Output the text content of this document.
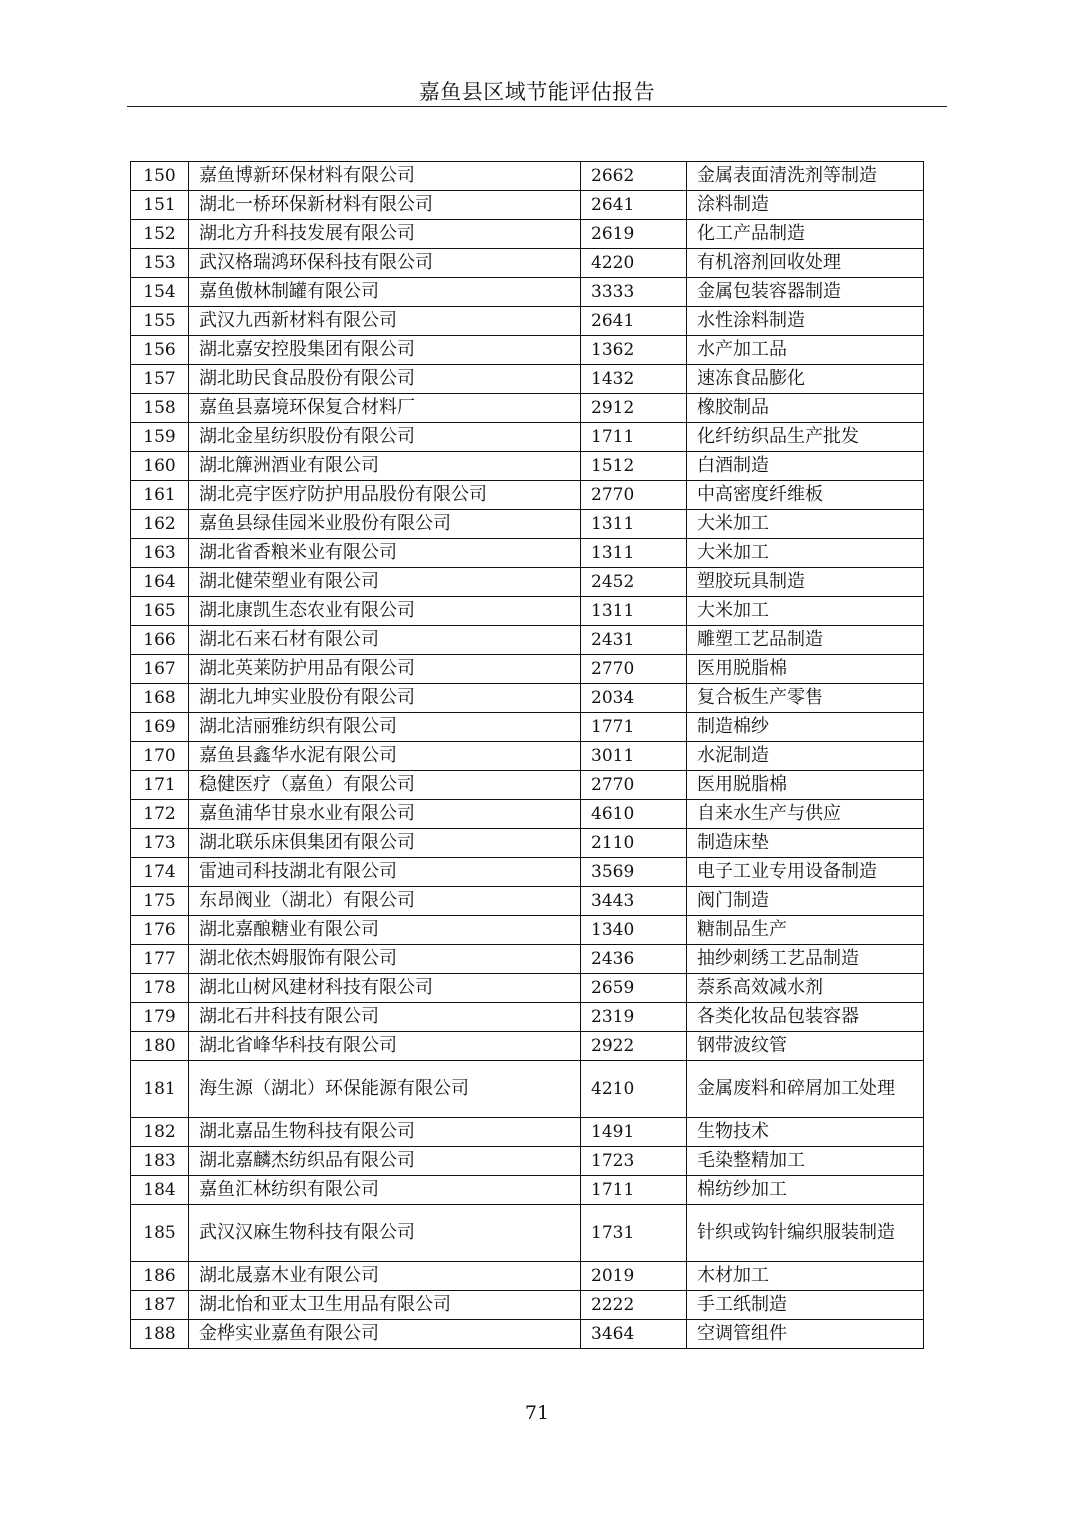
嘉鱼县区域节能评估报告
150	嘉鱼博新环保材料有限公司	2662	金属表面清洗剂等制造
151	湖北一桥环保新材料有限公司	2641	涂料制造
152	湖北方升科技发展有限公司	2619	化工产品制造
153	武汉格瑞鸿环保科技有限公司	4220	有机溶剂回收处理
154	嘉鱼傲林制罐有限公司	3333	金属包装容器制造
155	武汉九西新材料有限公司	2641	水性涂料制造
156	湖北嘉安控股集团有限公司	1362	水产加工品
157	湖北助民食品股份有限公司	1432	速冻食品膨化
158	嘉鱼县嘉境环保复合材料厂	2912	橡胶制品
159	湖北金星纺织股份有限公司	1711	化纤纺织品生产批发
160	湖北簰洲酒业有限公司	1512	白酒制造
161	湖北亮宇医疗防护用品股份有限公司	2770	中高密度纤维板
162	嘉鱼县绿佳园米业股份有限公司	1311	大米加工
163	湖北省香粮米业有限公司	1311	大米加工
164	湖北健荣塑业有限公司	2452	塑胶玩具制造
165	湖北康凯生态农业有限公司	1311	大米加工
166	湖北石来石材有限公司	2431	雕塑工艺品制造
167	湖北英莱防护用品有限公司	2770	医用脱脂棉
168	湖北九坤实业股份有限公司	2034	复合板生产零售
169	湖北洁丽雅纺织有限公司	1771	制造棉纱
170	嘉鱼县鑫华水泥有限公司	3011	水泥制造
171	稳健医疗（嘉鱼）有限公司	2770	医用脱脂棉
172	嘉鱼浦华甘泉水业有限公司	4610	自来水生产与供应
173	湖北联乐床俱集团有限公司	2110	制造床垫
174	雷迪司科技湖北有限公司	3569	电子工业专用设备制造
175	东昂阀业（湖北）有限公司	3443	阀门制造
176	湖北嘉酿糖业有限公司	1340	糖制品生产
177	湖北依杰姆服饰有限公司	2436	抽纱刺绣工艺品制造
178	湖北山树风建材科技有限公司	2659	萘系高效减水剂
179	湖北石井科技有限公司	2319	各类化妆品包装容器
180	湖北省峰华科技有限公司	2922	钢带波纹管
181	海生源（湖北）环保能源有限公司	4210	金属废料和碎屑加工处理
182	湖北嘉品生物科技有限公司	1491	生物技术
183	湖北嘉麟杰纺织品有限公司	1723	毛染整精加工
184	嘉鱼汇林纺织有限公司	1711	棉纺纱加工
185	武汉汉麻生物科技有限公司	1731	针织或钩针编织服装制造
186	湖北晟嘉木业有限公司	2019	木材加工
187	湖北怡和亚太卫生用品有限公司	2222	手工纸制造
188	金桦实业嘉鱼有限公司	3464	空调管组件
71
